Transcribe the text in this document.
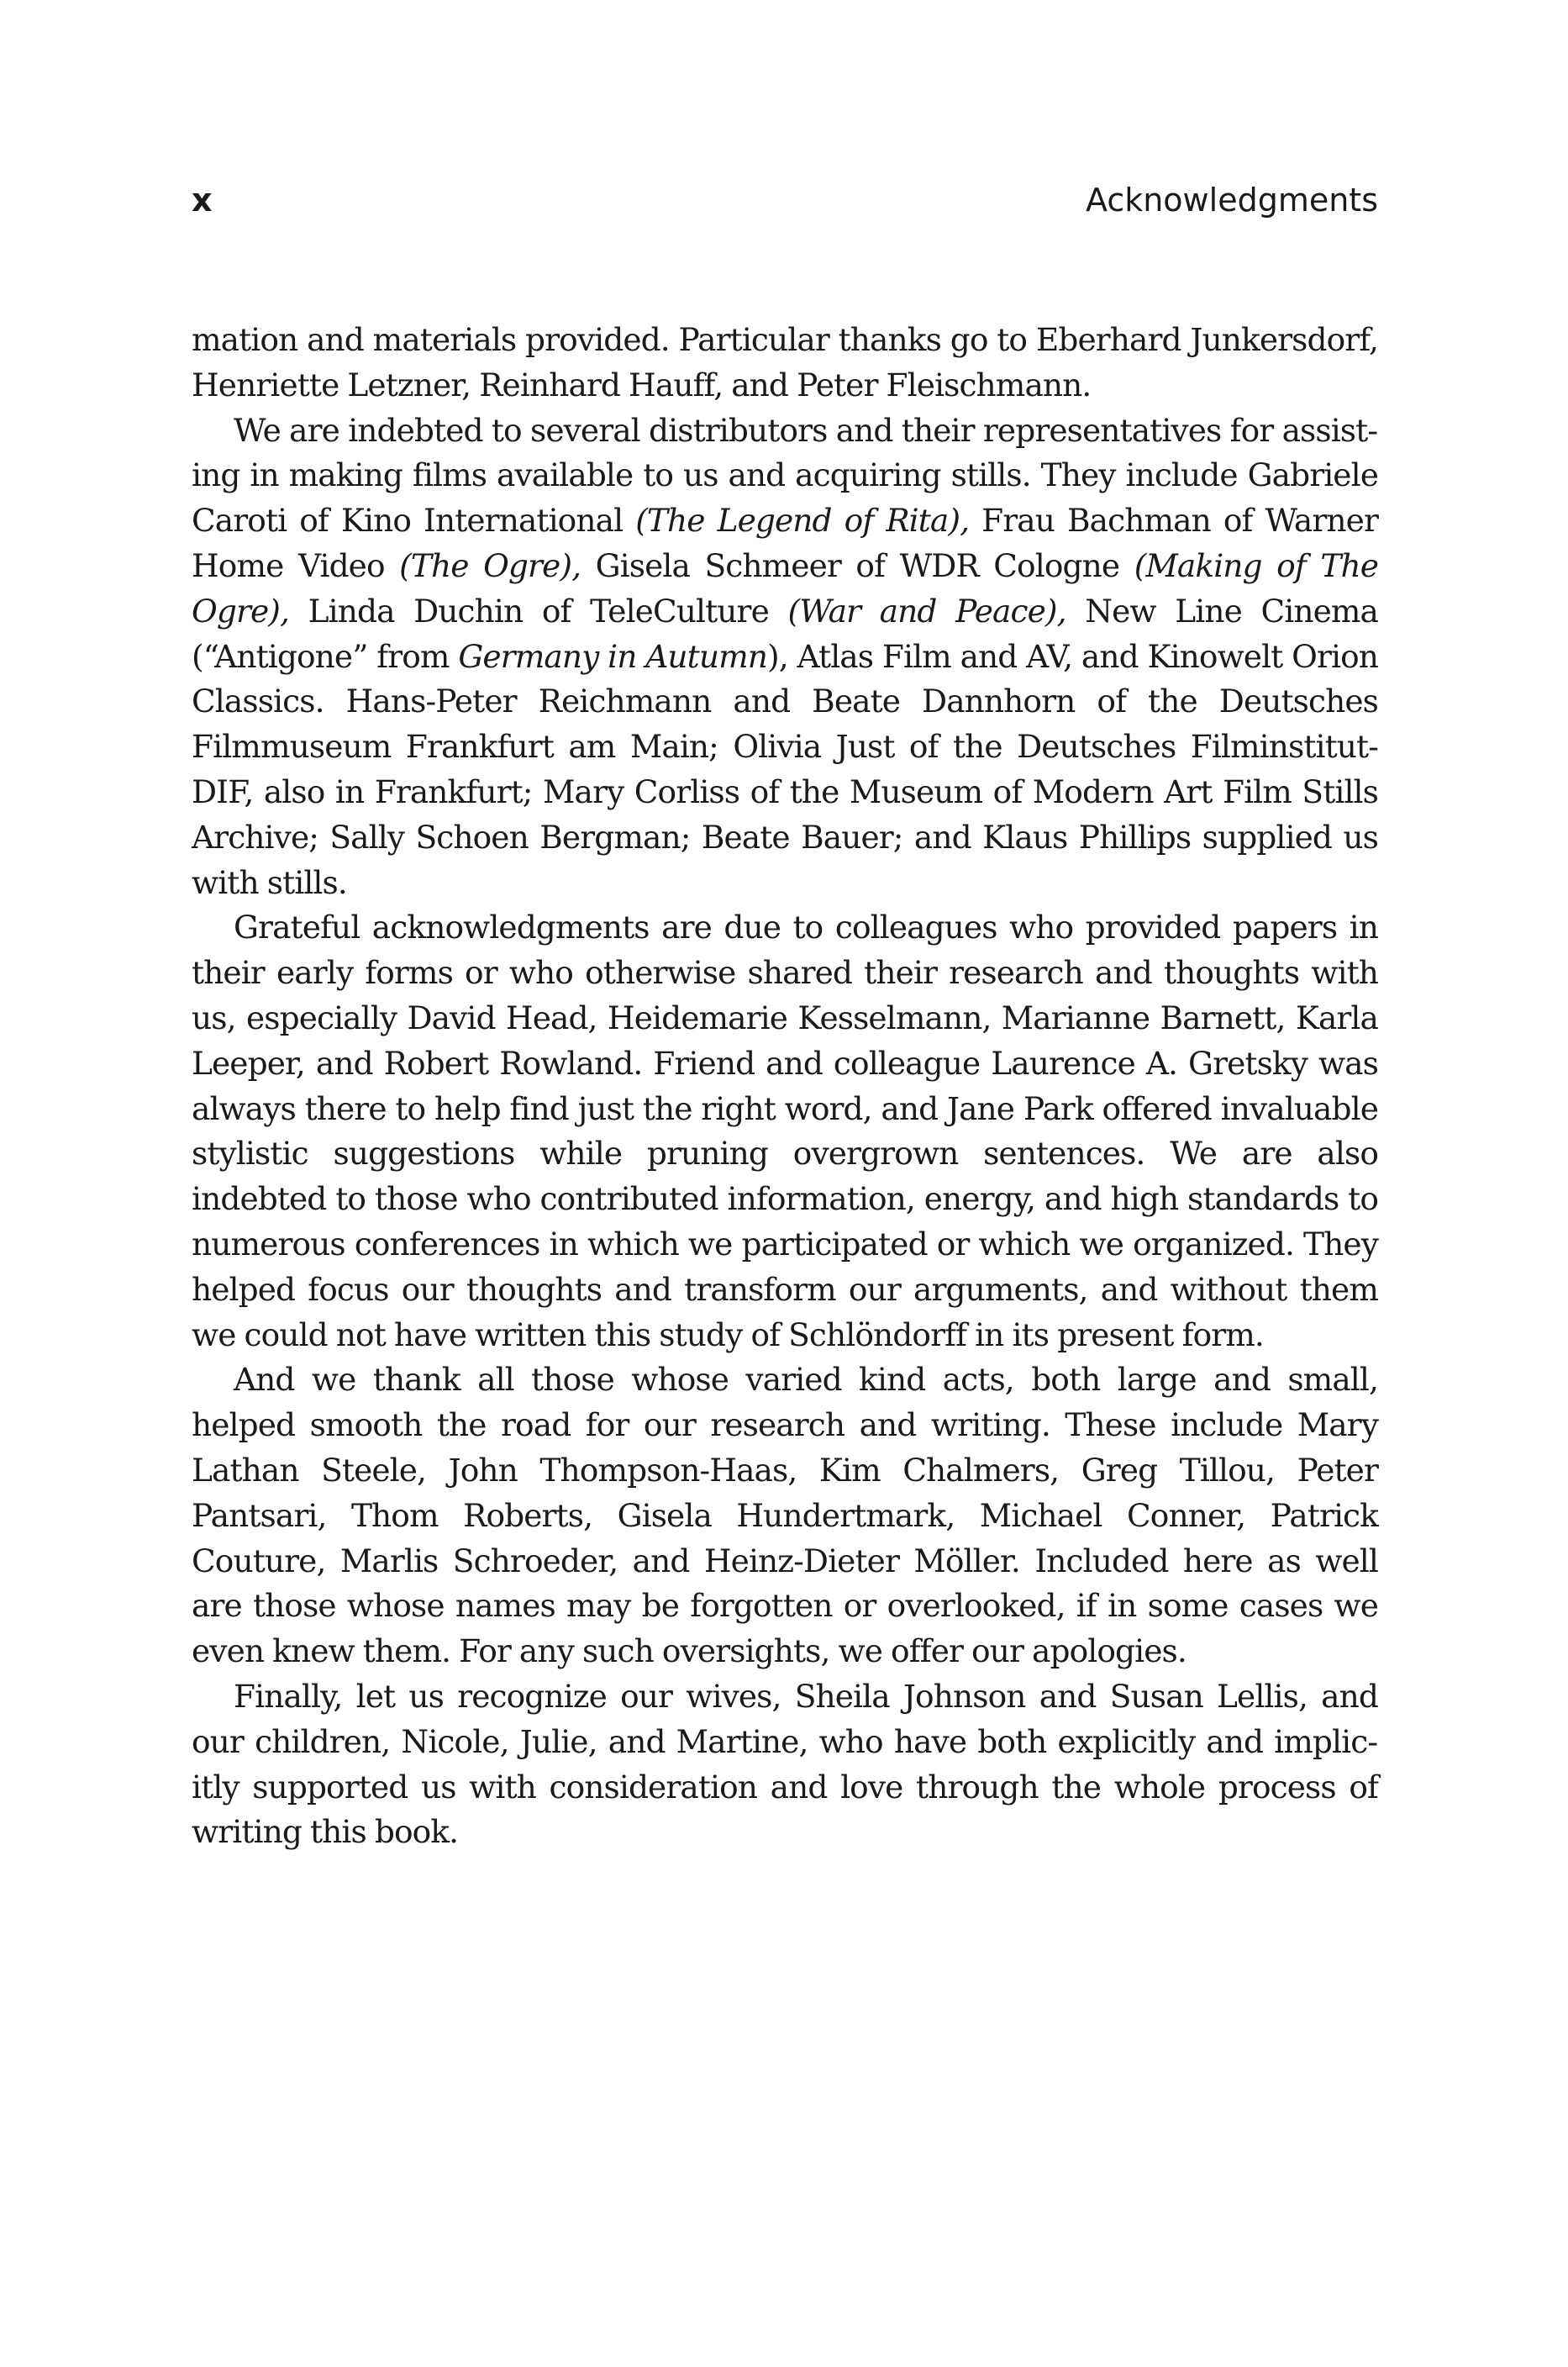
x	Acknowledgments

mation and materials provided. Particular thanks go to Eberhard Junkersdorf, Henriette Letzner, Reinhard Hauff, and Peter Fleischmann.

We are indebted to several distributors and their representatives for assisting in making films available to us and acquiring stills. They include Gabriele Caroti of Kino International (The Legend of Rita), Frau Bachman of Warner Home Video (The Ogre), Gisela Schmeer of WDR Cologne (Making of The Ogre), Linda Duchin of TeleCulture (War and Peace), New Line Cinema (“Antigone” from Germany in Autumn), Atlas Film and AV, and Kinowelt Orion Classics. Hans-Peter Reichmann and Beate Dannhorn of the Deutsches Filmmuseum Frankfurt am Main; Olivia Just of the Deutsches Filminstitut-DIF, also in Frankfurt; Mary Corliss of the Museum of Modern Art Film Stills Archive; Sally Schoen Bergman; Beate Bauer; and Klaus Phillips supplied us with stills.

Grateful acknowledgments are due to colleagues who provided papers in their early forms or who otherwise shared their research and thoughts with us, especially David Head, Heidemarie Kesselmann, Marianne Barnett, Karla Leeper, and Robert Rowland. Friend and colleague Laurence A. Gretsky was always there to help find just the right word, and Jane Park offered invaluable stylistic suggestions while pruning overgrown sentences. We are also indebted to those who contributed information, energy, and high standards to numerous conferences in which we participated or which we organized. They helped focus our thoughts and transform our arguments, and without them we could not have written this study of Schlöndorff in its present form.

And we thank all those whose varied kind acts, both large and small, helped smooth the road for our research and writing. These include Mary Lathan Steele, John Thompson-Haas, Kim Chalmers, Greg Tillou, Peter Pantsari, Thom Roberts, Gisela Hundertmark, Michael Conner, Patrick Couture, Marlis Schroeder, and Heinz-Dieter Möller. Included here as well are those whose names may be forgotten or overlooked, if in some cases we even knew them. For any such oversights, we offer our apologies.

Finally, let us recognize our wives, Sheila Johnson and Susan Lellis, and our children, Nicole, Julie, and Martine, who have both explicitly and implicitly supported us with consideration and love through the whole process of writing this book.
